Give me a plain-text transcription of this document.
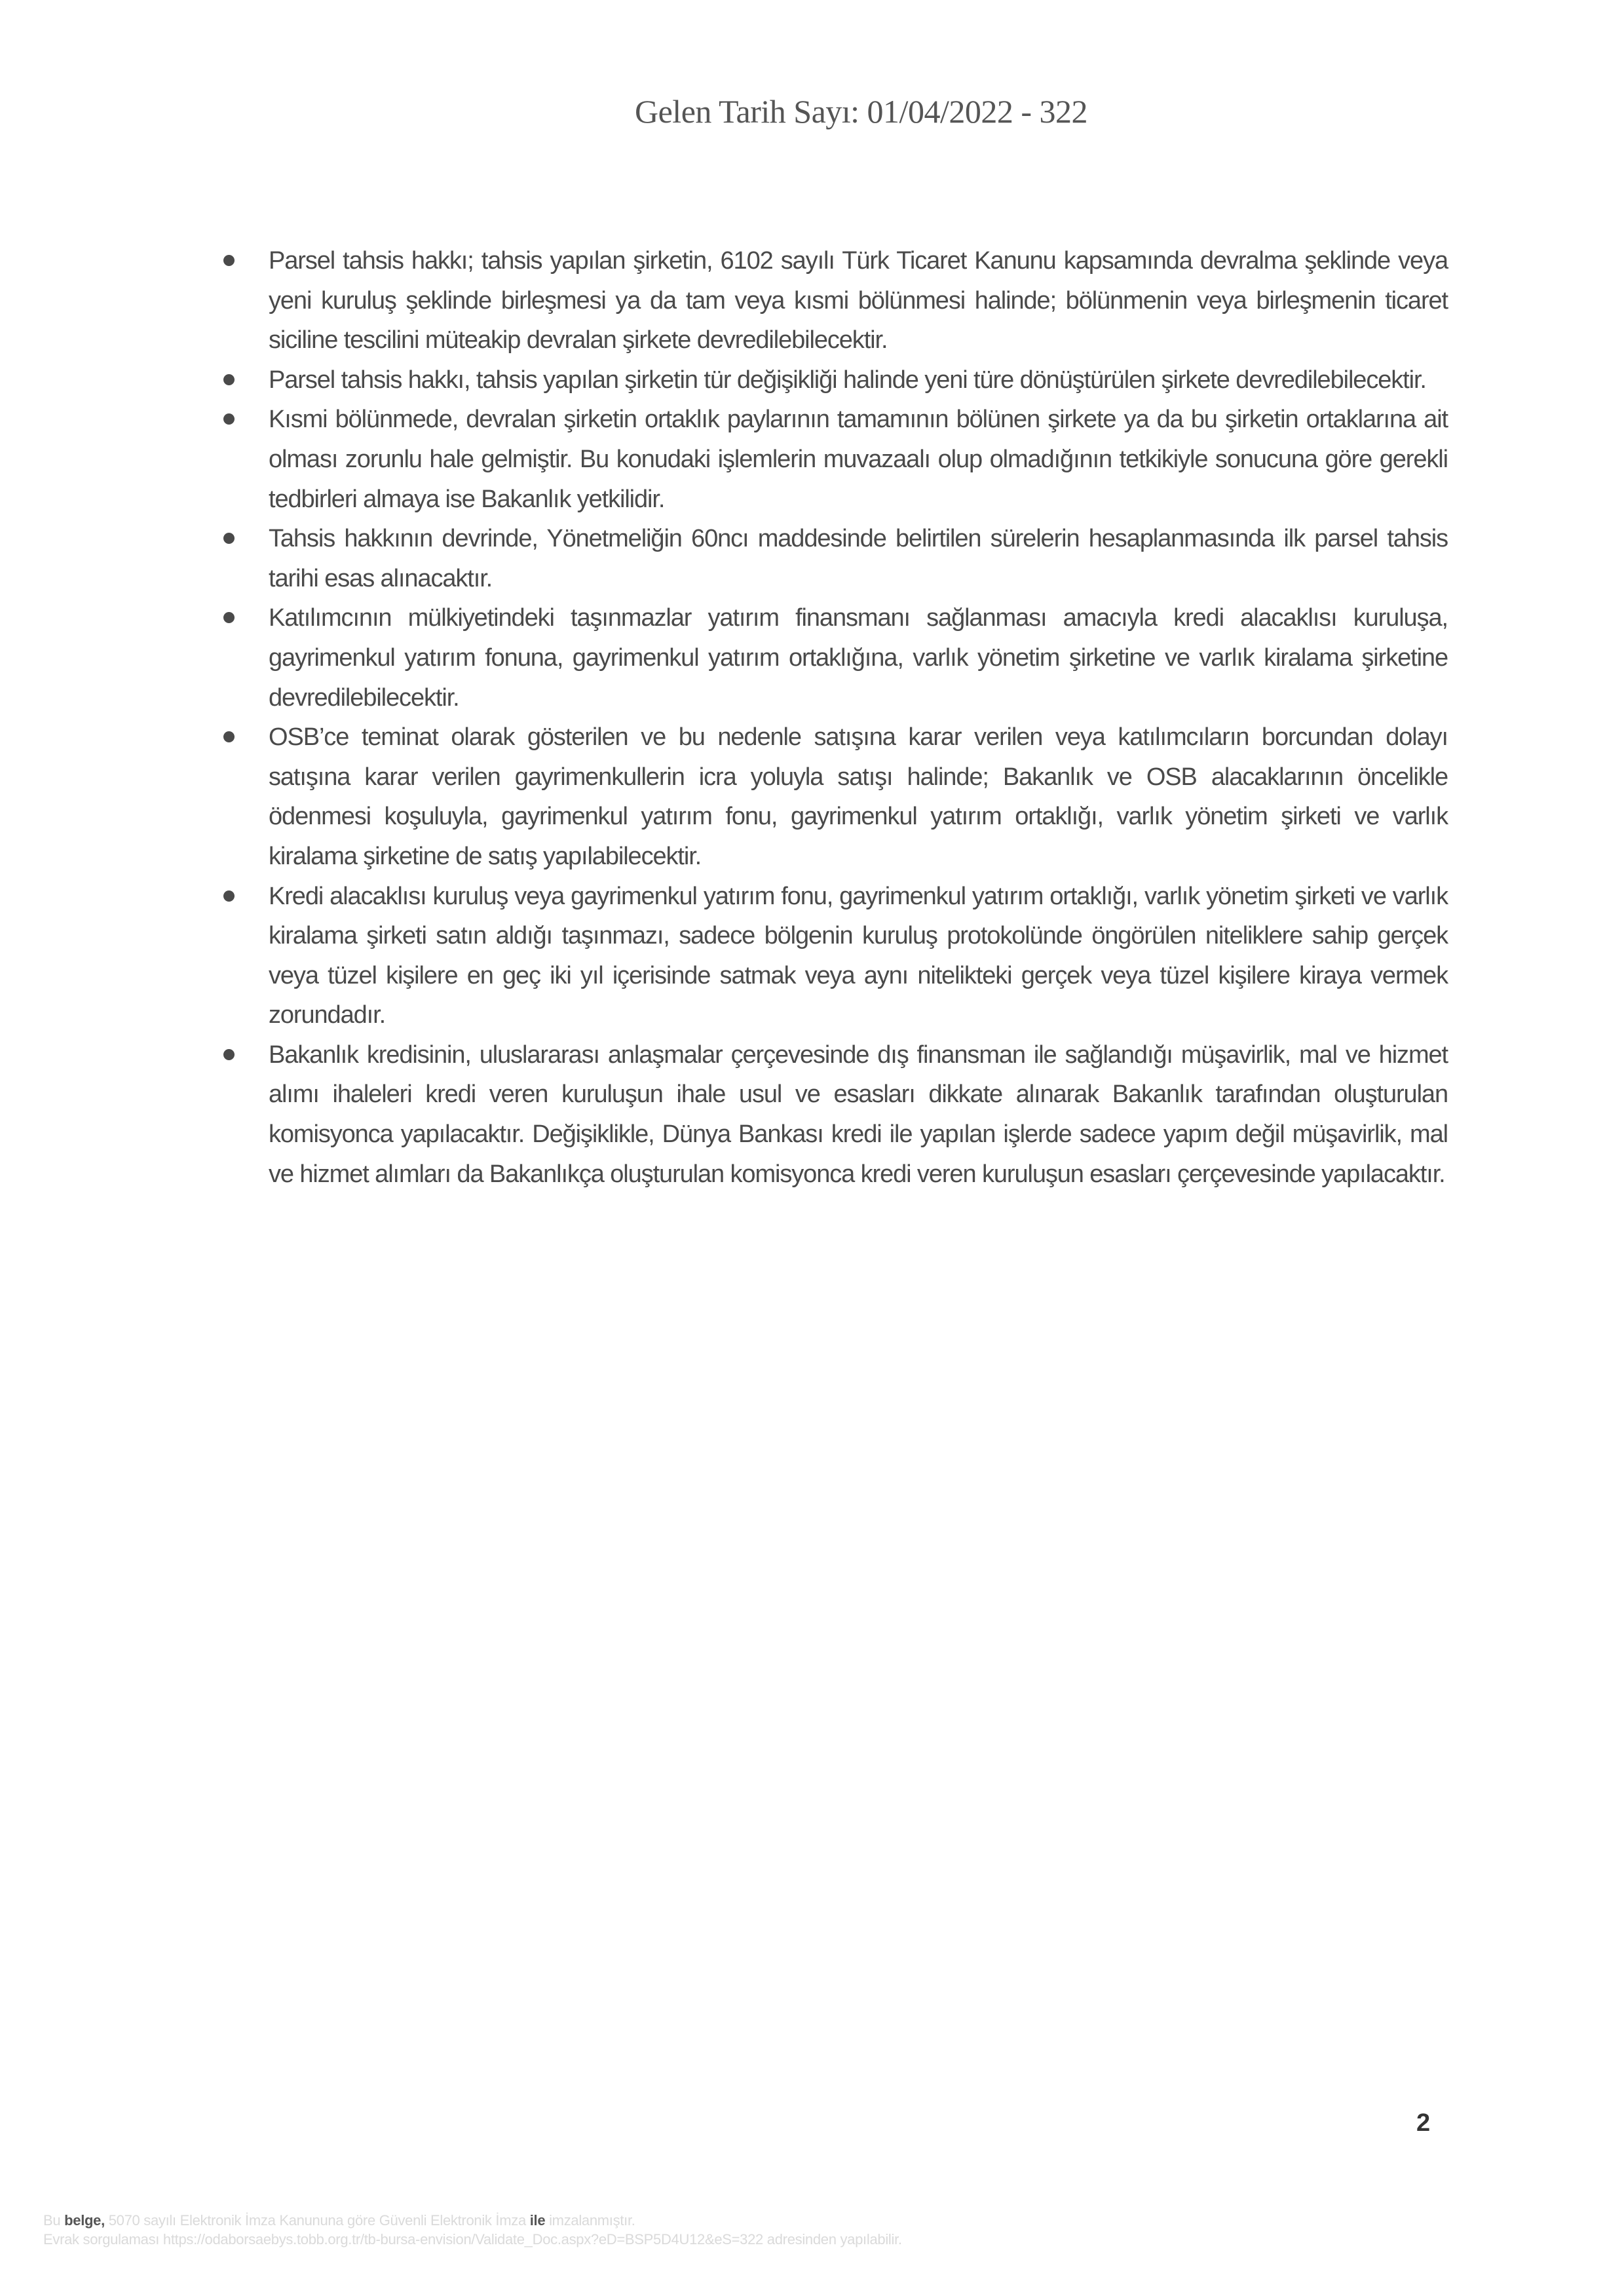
Gelen Tarih Sayı: 01/04/2022 - 322
Parsel tahsis hakkı; tahsis yapılan şirketin, 6102 sayılı Türk Ticaret Kanunu kapsamında devralma şeklinde veya yeni kuruluş şeklinde birleşmesi ya da tam veya kısmi bölünmesi halinde; bölünmenin veya birleşmenin ticaret siciline tescilini müteakip devralan şirkete devredilebilecektir.
Parsel tahsis hakkı, tahsis yapılan şirketin tür değişikliği halinde yeni türe dönüştürülen şirkete devredilebilecektir.
Kısmi bölünmede, devralan şirketin ortaklık paylarının tamamının bölünen şirkete ya da bu şirketin ortaklarına ait olması zorunlu hale gelmiştir. Bu konudaki işlemlerin muvazaalı olup olmadığının tetkikiyle sonucuna göre gerekli tedbirleri almaya ise Bakanlık yetkilidir.
Tahsis hakkının devrinde, Yönetmeliğin 60ncı maddesinde belirtilen sürelerin hesaplanmasında ilk parsel tahsis tarihi esas alınacaktır.
Katılımcının mülkiyetindeki taşınmazlar yatırım finansmanı sağlanması amacıyla kredi alacaklısı kuruluşa, gayrimenkul yatırım fonuna, gayrimenkul yatırım ortaklığına, varlık yönetim şirketine ve varlık kiralama şirketine devredilebilecektir.
OSB’ce teminat olarak gösterilen ve bu nedenle satışına karar verilen veya katılımcıların borcundan dolayı satışına karar verilen gayrimenkullerin icra yoluyla satışı halinde; Bakanlık ve OSB alacaklarının öncelikle ödenmesi koşuluyla, gayrimenkul yatırım fonu, gayrimenkul yatırım ortaklığı, varlık yönetim şirketi ve varlık kiralama şirketine de satış yapılabilecektir.
Kredi alacaklısı kuruluş veya gayrimenkul yatırım fonu, gayrimenkul yatırım ortaklığı, varlık yönetim şirketi ve varlık kiralama şirketi satın aldığı taşınmazı, sadece bölgenin kuruluş protokolünde öngörülen niteliklere sahip gerçek veya tüzel kişilere en geç iki yıl içerisinde satmak veya aynı nitelikteki gerçek veya tüzel kişilere kiraya vermek zorundadır.
Bakanlık kredisinin, uluslararası anlaşmalar çerçevesinde dış finansman ile sağlandığı müşavirlik, mal ve hizmet alımı ihaleleri kredi veren kuruluşun ihale usul ve esasları dikkate alınarak Bakanlık tarafından oluşturulan komisyonca yapılacaktır. Değişiklikle, Dünya Bankası kredi ile yapılan işlerde sadece yapım değil müşavirlik, mal ve hizmet alımları da Bakanlıkça oluşturulan komisyonca kredi veren kuruluşun esasları çerçevesinde yapılacaktır.
2
Bu belge, 5070 sayılı Elektronik İmza Kanununa göre Güvenli Elektronik İmza ile imzalanmıştır.
Evrak sorgulaması https://odaborsaebys.tobb.org.tr/tb-bursa-envision/Validate_Doc.aspx?eD=BSP5D4U12&eS=322 adresinden yapılabilir.
